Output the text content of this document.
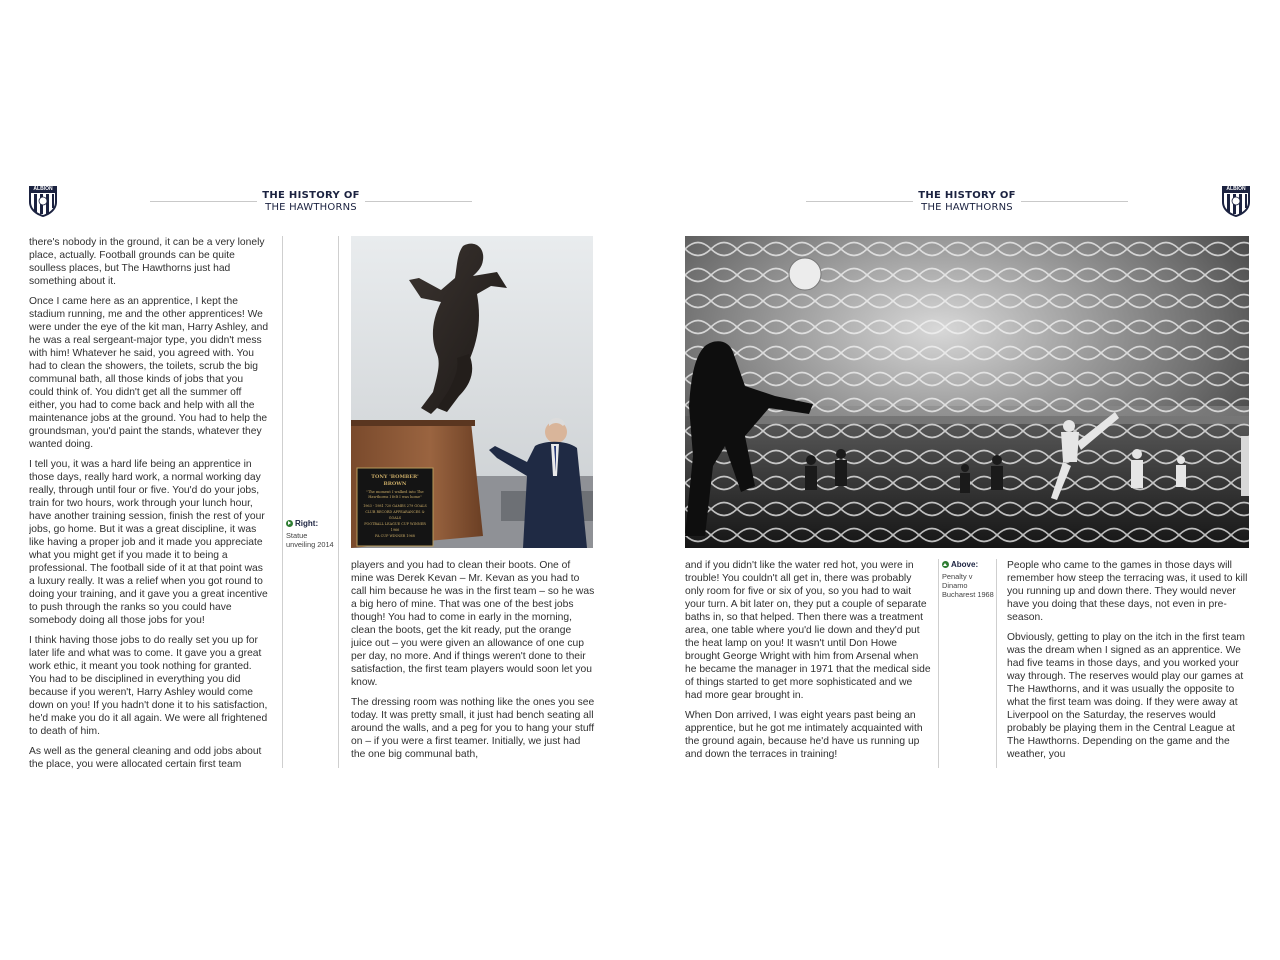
ALBION
THE HISTORY OF
THE HAWTHORNS

there's nobody in the ground, it can be a very lonely place, actually. Football grounds can be quite soulless places, but The Hawthorns just had something about it.

Once I came here as an apprentice, I kept the stadium running, me and the other apprentices! We were under the eye of the kit man, Harry Ashley, and he was a real sergeant-major type, you didn't mess with him! Whatever he said, you agreed with. You had to clean the showers, the toilets, scrub the big communal bath, all those kinds of jobs that you could think of. You didn't get all the summer off either, you had to come back and help with all the maintenance jobs at the ground. You had to help the groundsman, you'd paint the stands, whatever they wanted doing.

I tell you, it was a hard life being an apprentice in those days, really hard work, a normal working day really, through until four or five. You'd do your jobs, train for two hours, work through your lunch hour, have another training session, finish the rest of your jobs, go home. But it was a great discipline, it was like having a proper job and it made you appreciate what you might get if you made it to being a professional. The football side of it at that point was a luxury really. It was a relief when you got round to doing your training, and it gave you a great incentive to push through the ranks so you could have somebody doing all those jobs for you!

I think having those jobs to do really set you up for later life and what was to come. It gave you a great work ethic, it meant you took nothing for granted. You had to be disciplined in everything you did because if you weren't, Harry Ashley would come down on you! If you hadn't done it to his satisfaction, he'd make you do it all again. We were all frightened to death of him.

As well as the general cleaning and odd jobs about the place, you were allocated certain first team

Right:
Statue unveiling 2014
TONY 'BOMBER' BROWN
"The moment I walked into The Hawthorns I felt I was home"
1963 - 1981 720 GAMES 279 GOALS
CLUB RECORD APPEARANCES & GOALS
FOOTBALL LEAGUE CUP WINNER 1966
FA CUP WINNER 1968

players and you had to clean their boots. One of mine was Derek Kevan – Mr. Kevan as you had to call him because he was in the first team – so he was a big hero of mine. That was one of the best jobs though! You had to come in early in the morning, clean the boots, get the kit ready, put the orange juice out – you were given an allowance of one cup per day, no more. And if things weren't done to their satisfaction, the first team players would soon let you know.

The dressing room was nothing like the ones you see today. It was pretty small, it just had bench seating all around the walls, and a peg for you to hang your stuff on – if you were a first teamer. Initially, we just had the one big communal bath,

THE HISTORY OF
THE HAWTHORNS
ALBION

and if you didn't like the water red hot, you were in trouble! You couldn't all get in, there was probably only room for five or six of you, so you had to wait your turn. A bit later on, they put a couple of separate baths in, so that helped. Then there was a treatment area, one table where you'd lie down and they'd put the heat lamp on you! It wasn't until Don Howe brought George Wright with him from Arsenal when he became the manager in 1971 that the medical side of things started to get more sophisticated and we had more gear brought in.

When Don arrived, I was eight years past being an apprentice, but he got me intimately acquainted with the ground again, because he'd have us running up and down the terraces in training!

Above:
Penalty v Dinamo Bucharest 1968

People who came to the games in those days will remember how steep the terracing was, it used to kill you running up and down there. They would never have you doing that these days, not even in pre-season.

Obviously, getting to play on the itch in the first team was the dream when I signed as an apprentice. We had five teams in those days, and you worked your way through. The reserves would play our games at The Hawthorns, and it was usually the opposite to what the first team was doing. If they were away at Liverpool on the Saturday, the reserves would probably be playing them in the Central League at The Hawthorns. Depending on the game and the weather, you
